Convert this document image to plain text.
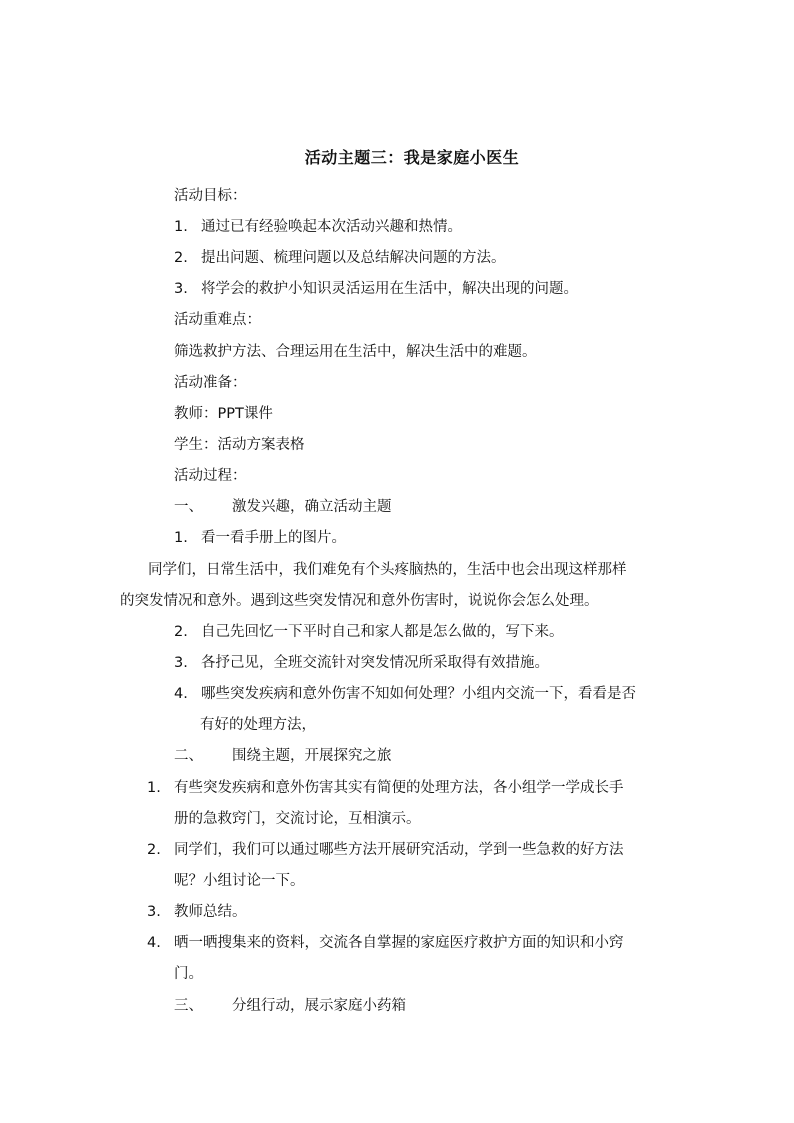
活动主题三：我是家庭小医生
活动目标：
1. 通过已有经验唤起本次活动兴趣和热情。
2. 提出问题、梳理问题以及总结解决问题的方法。
3. 将学会的救护小知识灵活运用在生活中，解决出现的问题。
活动重难点：
筛选救护方法、合理运用在生活中，解决生活中的难题。
活动准备：
教师：PPT课件
学生：活动方案表格
活动过程：
一、 激发兴趣，确立活动主题
1. 看一看手册上的图片。
同学们，日常生活中，我们难免有个头疼脑热的，生活中也会出现这样那样
的突发情况和意外。遇到这些突发情况和意外伤害时，说说你会怎么处理。
2. 自己先回忆一下平时自己和家人都是怎么做的，写下来。
3. 各抒己见，全班交流针对突发情况所采取得有效措施。
4. 哪些突发疾病和意外伤害不知如何处理？小组内交流一下，看看是否
有好的处理方法，
二、 围绕主题，开展探究之旅
1. 有些突发疾病和意外伤害其实有简便的处理方法，各小组学一学成长手
册的急救窍门，交流讨论，互相演示。
2. 同学们，我们可以通过哪些方法开展研究活动，学到一些急救的好方法
呢？小组讨论一下。
3. 教师总结。
4. 晒一晒搜集来的资料，交流各自掌握的家庭医疗救护方面的知识和小窍
门。
三、 分组行动，展示家庭小药箱
